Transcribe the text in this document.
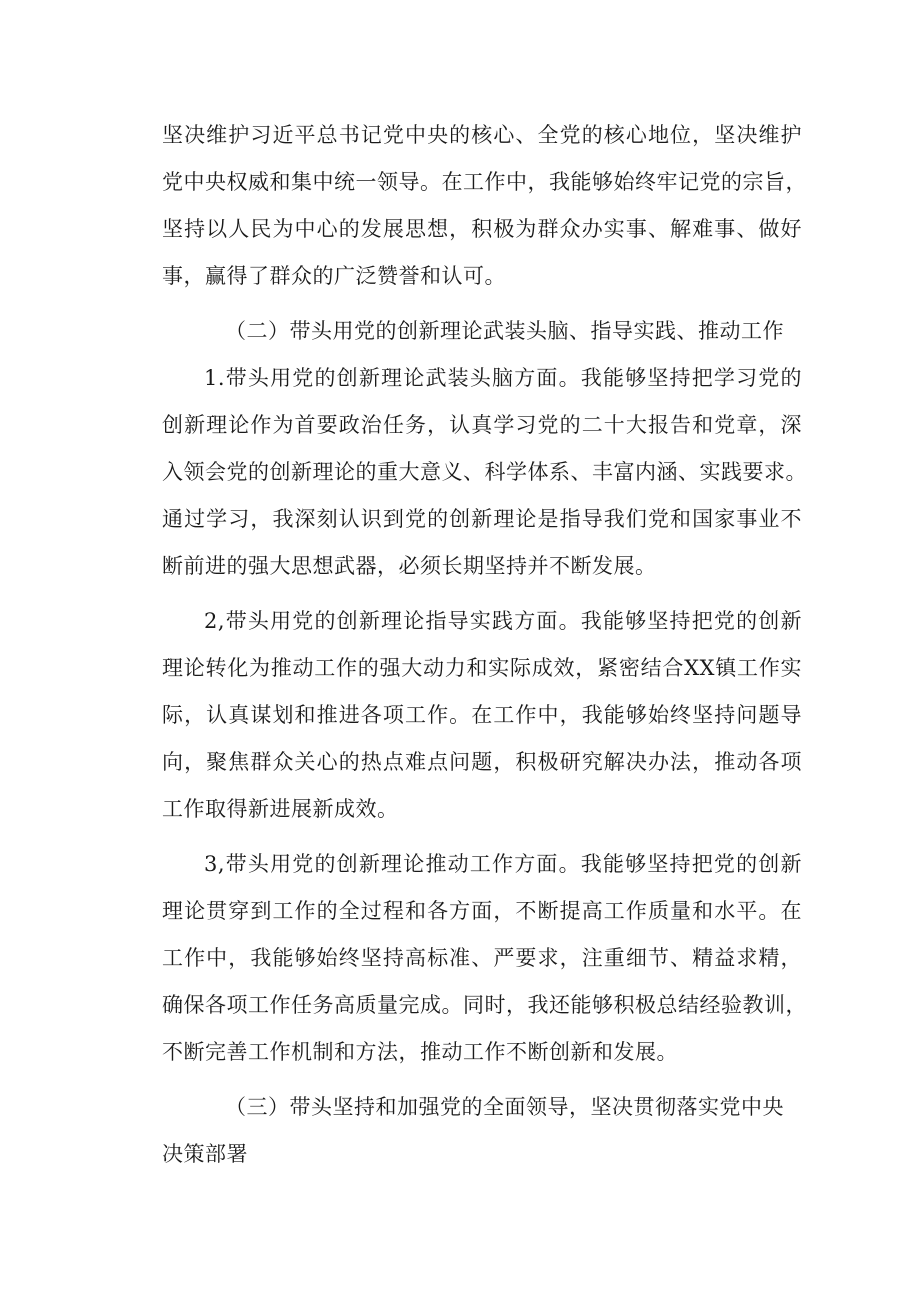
坚决维护习近平总书记党中央的核心、全党的核心地位，坚决维护
党中央权威和集中统一领导。在工作中，我能够始终牢记党的宗旨，
坚持以人民为中心的发展思想，积极为群众办实事、解难事、做好
事，赢得了群众的广泛赞誉和认可。
（二）带头用党的创新理论武装头脑、指导实践、推动工作
1.带头用党的创新理论武装头脑方面。我能够坚持把学习党的
创新理论作为首要政治任务，认真学习党的二十大报告和党章，深
入领会党的创新理论的重大意义、科学体系、丰富内涵、实践要求。
通过学习，我深刻认识到党的创新理论是指导我们党和国家事业不
断前进的强大思想武器，必须长期坚持并不断发展。
2,带头用党的创新理论指导实践方面。我能够坚持把党的创新
理论转化为推动工作的强大动力和实际成效，紧密结合XX镇工作实
际，认真谋划和推进各项工作。在工作中，我能够始终坚持问题导
向，聚焦群众关心的热点难点问题，积极研究解决办法，推动各项
工作取得新进展新成效。
3,带头用党的创新理论推动工作方面。我能够坚持把党的创新
理论贯穿到工作的全过程和各方面，不断提高工作质量和水平。在
工作中，我能够始终坚持高标准、严要求，注重细节、精益求精，
确保各项工作任务高质量完成。同时，我还能够积极总结经验教训，
不断完善工作机制和方法，推动工作不断创新和发展。
（三）带头坚持和加强党的全面领导，坚决贯彻落实党中央
决策部署
